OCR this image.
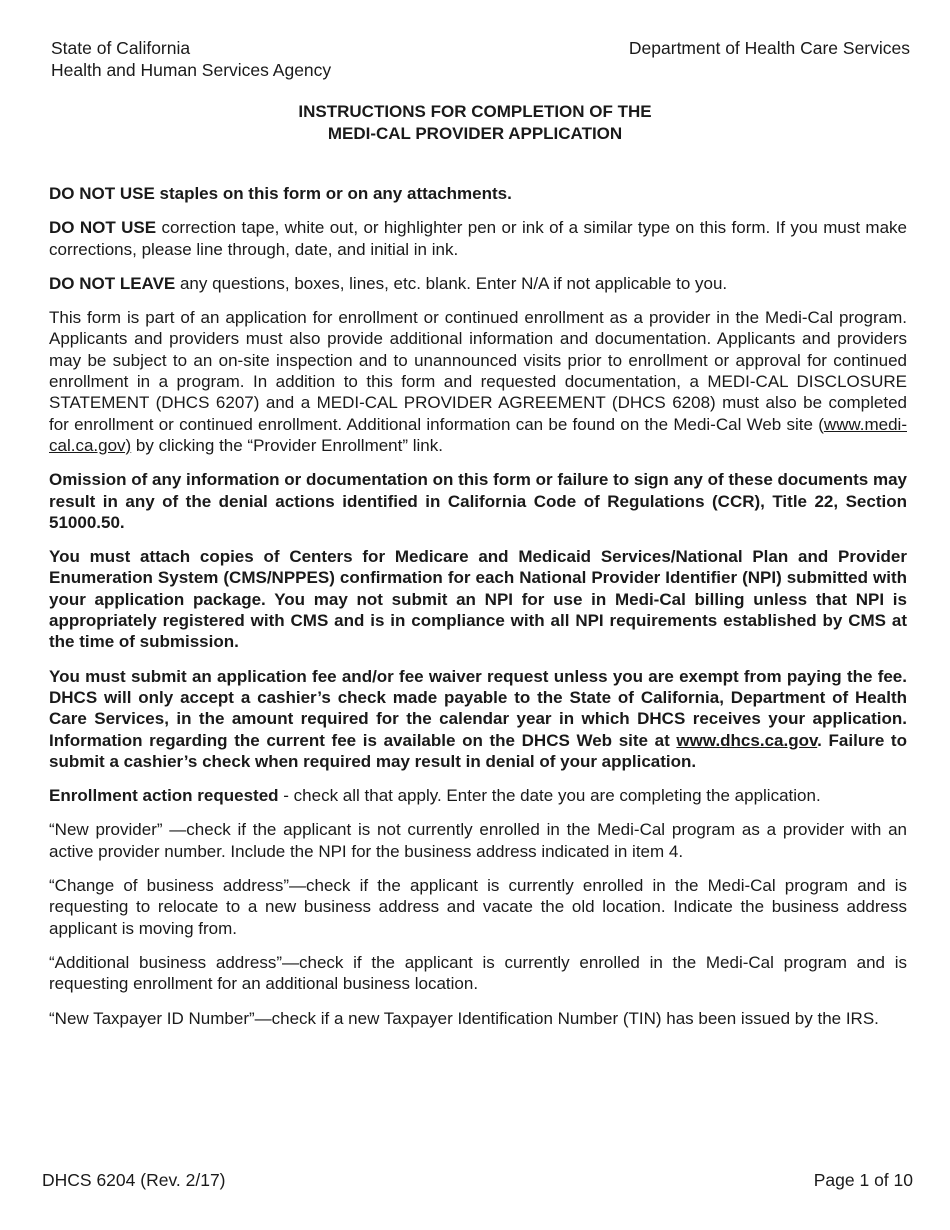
State of California
Health and Human Services Agency
Department of Health Care Services
INSTRUCTIONS FOR COMPLETION OF THE
MEDI-CAL PROVIDER APPLICATION

DO NOT USE staples on this form or on any attachments.

DO NOT USE correction tape, white out, or highlighter pen or ink of a similar type on this form. If you must make corrections, please line through, date, and initial in ink.

DO NOT LEAVE any questions, boxes, lines, etc. blank. Enter N/A if not applicable to you.

This form is part of an application for enrollment or continued enrollment as a provider in the Medi-Cal program. Applicants and providers must also provide additional information and documentation. Applicants and providers may be subject to an on-site inspection and to unannounced visits prior to enrollment or approval for continued enrollment in a program. In addition to this form and requested documentation, a MEDI-CAL DISCLOSURE STATEMENT (DHCS 6207) and a MEDI-CAL PROVIDER AGREEMENT (DHCS 6208) must also be completed for enrollment or continued enrollment. Additional information can be found on the Medi-Cal Web site (www.medi-cal.ca.gov) by clicking the “Provider Enrollment” link.

Omission of any information or documentation on this form or failure to sign any of these documents may result in any of the denial actions identified in California Code of Regulations (CCR), Title 22, Section 51000.50.

You must attach copies of Centers for Medicare and Medicaid Services/National Plan and Provider Enumeration System (CMS/NPPES) confirmation for each National Provider Identifier (NPI) submitted with your application package. You may not submit an NPI for use in Medi-Cal billing unless that NPI is appropriately registered with CMS and is in compliance with all NPI requirements established by CMS at the time of submission.

You must submit an application fee and/or fee waiver request unless you are exempt from paying the fee. DHCS will only accept a cashier’s check made payable to the State of California, Department of Health Care Services, in the amount required for the calendar year in which DHCS receives your application. Information regarding the current fee is available on the DHCS Web site at www.dhcs.ca.gov. Failure to submit a cashier’s check when required may result in denial of your application.

Enrollment action requested - check all that apply. Enter the date you are completing the application.

“New provider” —check if the applicant is not currently enrolled in the Medi-Cal program as a provider with an active provider number. Include the NPI for the business address indicated in item 4.

“Change of business address”—check if the applicant is currently enrolled in the Medi-Cal program and is requesting to relocate to a new business address and vacate the old location. Indicate the business address applicant is moving from.

“Additional business address”—check if the applicant is currently enrolled in the Medi-Cal program and is requesting enrollment for an additional business location.

“New Taxpayer ID Number”—check if a new Taxpayer Identification Number (TIN) has been issued by the IRS.

DHCS 6204 (Rev. 2/17)	Page 1 of 10
